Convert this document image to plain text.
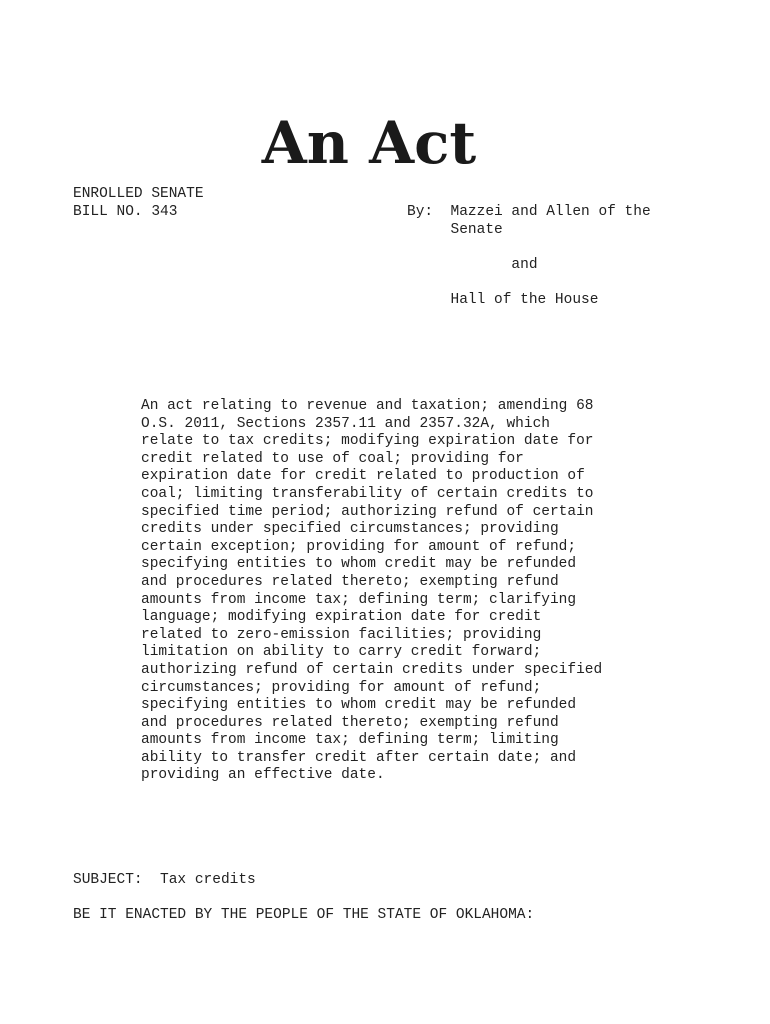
An Act
ENROLLED SENATE
BILL NO. 343	By: Mazzei and Allen of the
Senate
and

Hall of the House
An act relating to revenue and taxation; amending 68
O.S. 2011, Sections 2357.11 and 2357.32A, which
relate to tax credits; modifying expiration date for
credit related to use of coal; providing for
expiration date for credit related to production of
coal; limiting transferability of certain credits to
specified time period; authorizing refund of certain
credits under specified circumstances; providing
certain exception; providing for amount of refund;
specifying entities to whom credit may be refunded
and procedures related thereto; exempting refund
amounts from income tax; defining term; clarifying
language; modifying expiration date for credit
related to zero-emission facilities; providing
limitation on ability to carry credit forward;
authorizing refund of certain credits under specified
circumstances; providing for amount of refund;
specifying entities to whom credit may be refunded
and procedures related thereto; exempting refund
amounts from income tax; defining term; limiting
ability to transfer credit after certain date; and
providing an effective date.
SUBJECT: Tax credits
BE IT ENACTED BY THE PEOPLE OF THE STATE OF OKLAHOMA:
